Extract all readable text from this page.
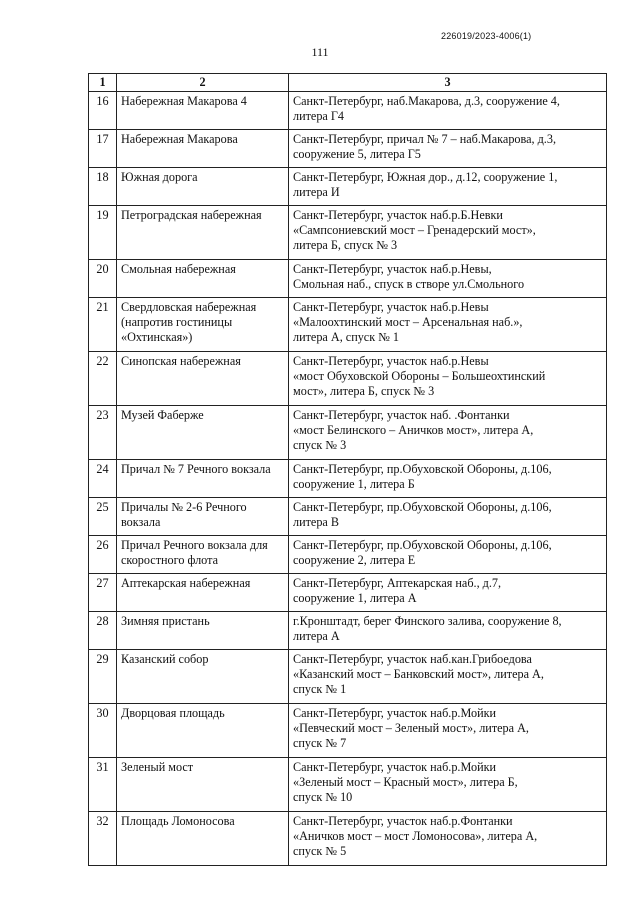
226019/2023-4006(1)
111
1	2	3
16	Набережная Макарова 4	Санкт-Петербург, наб.Макарова, д.3, сооружение 4,
литера Г4
17	Набережная Макарова	Санкт-Петербург, причал № 7 – наб.Макарова, д.3,
сооружение 5, литера Г5
18	Южная дорога	Санкт-Петербург, Южная дор., д.12, сооружение 1,
литера И
19	Петроградская набережная	Санкт-Петербург, участок наб.р.Б.Невки
«Сампсониевский мост – Гренадерский мост»,
литера Б, спуск № 3
20	Смольная набережная	Санкт-Петербург, участок наб.р.Невы,
Смольная наб., спуск в створе ул.Смольного
21	Свердловская набережная
(напротив гостиницы
«Охтинская»)	Санкт-Петербург, участок наб.р.Невы
«Малоохтинский мост – Арсенальная наб.»,
литера А, спуск № 1
22	Синопская набережная	Санкт-Петербург, участок наб.р.Невы
«мост Обуховской Обороны – Большеохтинский
мост», литера Б, спуск № 3
23	Музей Фаберже	Санкт-Петербург, участок наб. .Фонтанки
«мост Белинского – Аничков мост», литера А,
спуск № 3
24	Причал № 7 Речного вокзала	Санкт-Петербург, пр.Обуховской Обороны, д.106,
сооружение 1, литера Б
25	Причалы № 2-6 Речного
вокзала	Санкт-Петербург, пр.Обуховской Обороны, д.106,
литера В
26	Причал Речного вокзала для
скоростного флота	Санкт-Петербург, пр.Обуховской Обороны, д.106,
сооружение 2, литера Е
27	Аптекарская набережная	Санкт-Петербург, Аптекарская наб., д.7,
сооружение 1, литера А
28	Зимняя пристань	г.Кронштадт, берег Финского залива, сооружение 8,
литера А
29	Казанский собор	Санкт-Петербург, участок наб.кан.Грибоедова
«Казанский мост – Банковский мост», литера А,
спуск № 1
30	Дворцовая площадь	Санкт-Петербург, участок наб.р.Мойки
«Певческий мост – Зеленый мост», литера А,
спуск № 7
31	Зеленый мост	Санкт-Петербург, участок наб.р.Мойки
«Зеленый мост – Красный мост», литера Б,
спуск № 10
32	Площадь Ломоносова	Санкт-Петербург, участок наб.р.Фонтанки
«Аничков мост – мост Ломоносова», литера А,
спуск № 5
